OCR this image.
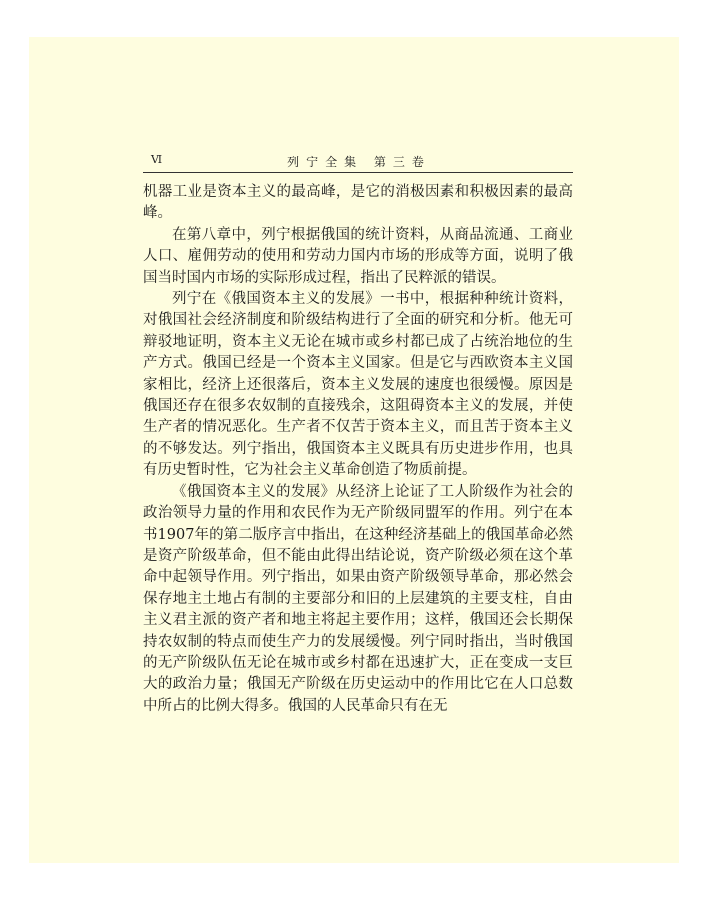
Ⅵ	列宁全集 第三卷

机器工业是资本主义的最高峰，是它的消极因素和积极因素的最高峰。

在第八章中，列宁根据俄国的统计资料，从商品流通、工商业人口、雇佣劳动的使用和劳动力国内市场的形成等方面，说明了俄国当时国内市场的实际形成过程，指出了民粹派的错误。

列宁在《俄国资本主义的发展》一书中，根据种种统计资料，对俄国社会经济制度和阶级结构进行了全面的研究和分析。他无可辩驳地证明，资本主义无论在城市或乡村都已成了占统治地位的生产方式。俄国已经是一个资本主义国家。但是它与西欧资本主义国家相比，经济上还很落后，资本主义发展的速度也很缓慢。原因是俄国还存在很多农奴制的直接残余，这阻碍资本主义的发展，并使生产者的情况恶化。生产者不仅苦于资本主义，而且苦于资本主义的不够发达。列宁指出，俄国资本主义既具有历史进步作用，也具有历史暂时性，它为社会主义革命创造了物质前提。

《俄国资本主义的发展》从经济上论证了工人阶级作为社会的政治领导力量的作用和农民作为无产阶级同盟军的作用。列宁在本书1907年的第二版序言中指出，在这种经济基础上的俄国革命必然是资产阶级革命，但不能由此得出结论说，资产阶级必须在这个革命中起领导作用。列宁指出，如果由资产阶级领导革命，那必然会保存地主土地占有制的主要部分和旧的上层建筑的主要支柱，自由主义君主派的资产者和地主将起主要作用；这样，俄国还会长期保持农奴制的特点而使生产力的发展缓慢。列宁同时指出，当时俄国的无产阶级队伍无论在城市或乡村都在迅速扩大，正在变成一支巨大的政治力量；俄国无产阶级在历史运动中的作用比它在人口总数中所占的比例大得多。俄国的人民革命只有在无
